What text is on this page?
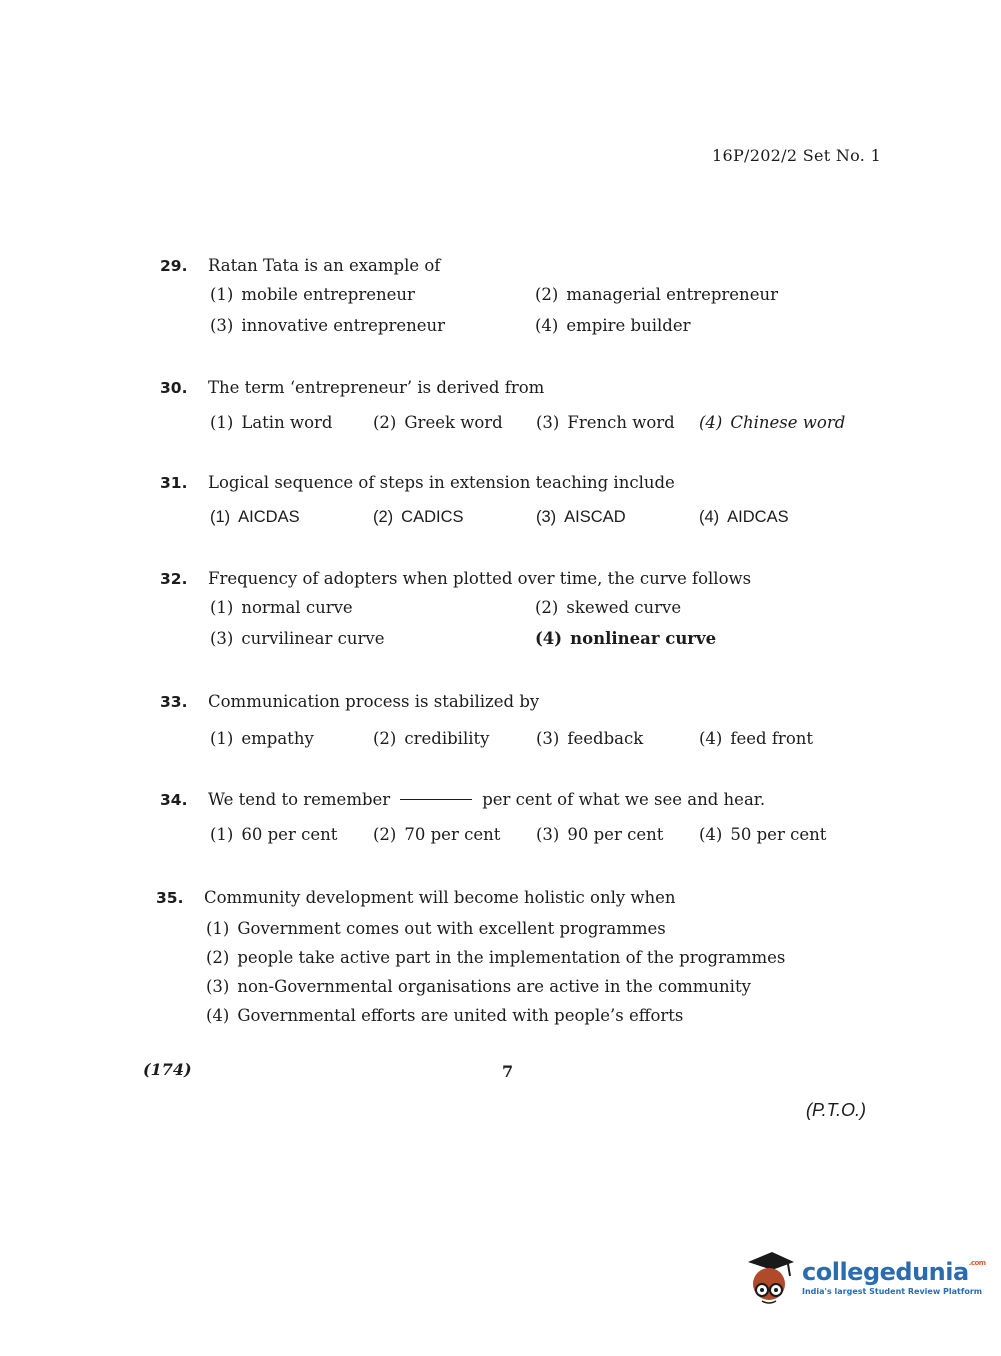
16P/202/2 Set No. 1
29.	Ratan Tata is an example of
(1) mobile entrepreneur	(2) managerial entrepreneur
(3) innovative entrepreneur	(4) empire builder
30.	The term ‘entrepreneur’ is derived from
(1) Latin word	(2) Greek word	(3) French word	(4) Chinese word
31.	Logical sequence of steps in extension teaching include
(1) AICDAS	(2) CADICS	(3) AISCAD	(4) AIDCAS
32.	Frequency of adopters when plotted over time, the curve follows
(1) normal curve	(2) skewed curve
(3) curvilinear curve	(4) nonlinear curve
33.	Communication process is stabilized by
(1) empathy	(2) credibility	(3) feedback	(4) feed front
34.	We tend to remember	per cent of what we see and hear.
(1) 60 per cent	(2) 70 per cent	(3) 90 per cent	(4) 50 per cent
35.	Community development will become holistic only when
(1) Government comes out with excellent programmes
(2) people take active part in the implementation of the programmes
(3) non-Governmental organisations are active in the community
(4) Governmental efforts are united with people’s efforts
(174)	7
(P.T.O.)
collegedunia$^{.com}$
India's largest Student Review Platform
